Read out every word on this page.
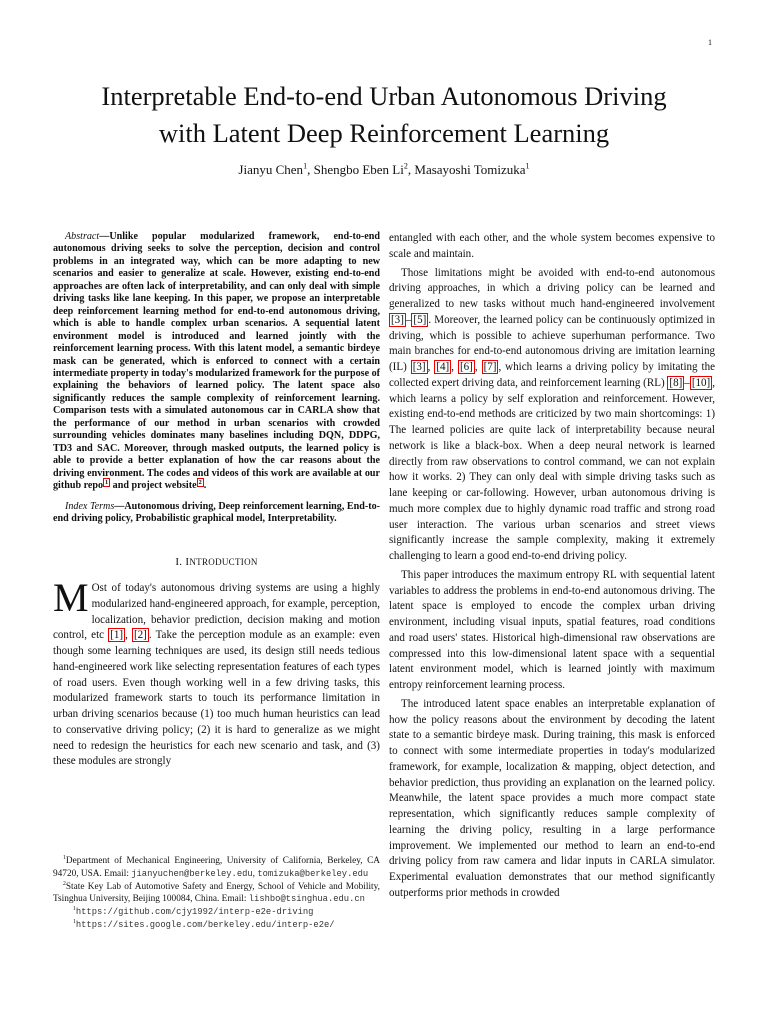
1
Interpretable End-to-end Urban Autonomous Driving
with Latent Deep Reinforcement Learning
Jianyu Chen$^1$, Shengbo Eben Li$^2$, Masayoshi Tomizuka$^1$

Abstract—Unlike popular modularized framework, end-to-end autonomous driving seeks to solve the perception, decision and control problems in an integrated way, which can be more adapting to new scenarios and easier to generalize at scale. However, existing end-to-end approaches are often lack of interpretability, and can only deal with simple driving tasks like lane keeping. In this paper, we propose an interpretable deep reinforcement learning method for end-to-end autonomous driving, which is able to handle complex urban scenarios. A sequential latent environment model is introduced and learned jointly with the reinforcement learning process. With this latent model, a semantic birdeye mask can be generated, which is enforced to connect with a certain intermediate property in today's modularized framework for the purpose of explaining the behaviors of learned policy. The latent space also significantly reduces the sample complexity of reinforcement learning. Comparison tests with a simulated autonomous car in CARLA show that the performance of our method in urban scenarios with crowded surrounding vehicles dominates many baselines including DQN, DDPG, TD3 and SAC. Moreover, through masked outputs, the learned policy is able to provide a better explanation of how the car reasons about the driving environment. The codes and videos of this work are available at our github repo $^1$ and project website $^2$ .

Index Terms—Autonomous driving, Deep reinforcement learning, End-to-end driving policy, Probabilistic graphical model, Interpretability.

I. INTRODUCTION

M Ost of today's autonomous driving systems are using a highly modularized hand-engineered approach, for example, perception, localization, behavior prediction, decision making and motion control, etc [1] , [2] . Take the perception module as an example: even though some learning techniques are used, its design still needs tedious hand-engineered work like selecting representation features of each types of road users. Even though working well in a few driving tasks, this modularized framework starts to touch its performance limitation in urban driving scenarios because (1) too much human heuristics can lead to conservative driving policy; (2) it is hard to generalize as we might need to redesign the heuristics for each new scenario and task, and (3) these modules are strongly

$^1$Department of Mechanical Engineering, University of California, Berkeley, CA 94720, USA. Email: jianyuchen@berkeley.edu, tomizuka@berkeley.edu

$^2$State Key Lab of Automotive Safety and Energy, School of Vehicle and Mobility, Tsinghua University, Beijing 100084, China. Email: lishbo@tsinghua.edu.cn

$^1$https://github.com/cjy1992/interp-e2e-driving

$^1$https://sites.google.com/berkeley.edu/interp-e2e/

entangled with each other, and the whole system becomes expensive to scale and maintain.

Those limitations might be avoided with end-to-end autonomous driving approaches, in which a driving policy can be learned and generalized to new tasks without much hand-engineered involvement [3] – [5] . Moreover, the learned policy can be continuously optimized in driving, which is possible to achieve superhuman performance. Two main branches for end-to-end autonomous driving are imitation learning (IL) [3] , [4] , [6] , [7] , which learns a driving policy by imitating the collected expert driving data, and reinforcement learning (RL) [8] – [10] , which learns a policy by self exploration and reinforcement. However, existing end-to-end methods are criticized by two main shortcomings: 1) The learned policies are quite lack of interpretability because neural network is like a black-box. When a deep neural network is learned directly from raw observations to control command, we can not explain how it works. 2) They can only deal with simple driving tasks such as lane keeping or car-following. However, urban autonomous driving is much more complex due to highly dynamic road traffic and strong road user interaction. The various urban scenarios and street views significantly increase the sample complexity, making it extremely challenging to learn a good end-to-end driving policy.

This paper introduces the maximum entropy RL with sequential latent variables to address the problems in end-to-end autonomous driving. The latent space is employed to encode the complex urban driving environment, including visual inputs, spatial features, road conditions and road users' states. Historical high-dimensional raw observations are compressed into this low-dimensional latent space with a sequential latent environment model, which is learned jointly with maximum entropy reinforcement learning process.

The introduced latent space enables an interpretable explanation of how the policy reasons about the environment by decoding the latent state to a semantic birdeye mask. During training, this mask is enforced to connect with some intermediate properties in today's modularized framework, for example, localization & mapping, object detection, and behavior prediction, thus providing an explanation on the learned policy. Meanwhile, the latent space provides a much more compact state representation, which significantly reduces sample complexity of learning the driving policy, resulting in a large performance improvement. We implemented our method to learn an end-to-end driving policy from raw camera and lidar inputs in CARLA simulator. Experimental evaluation demonstrates that our method significantly outperforms prior methods in crowded
